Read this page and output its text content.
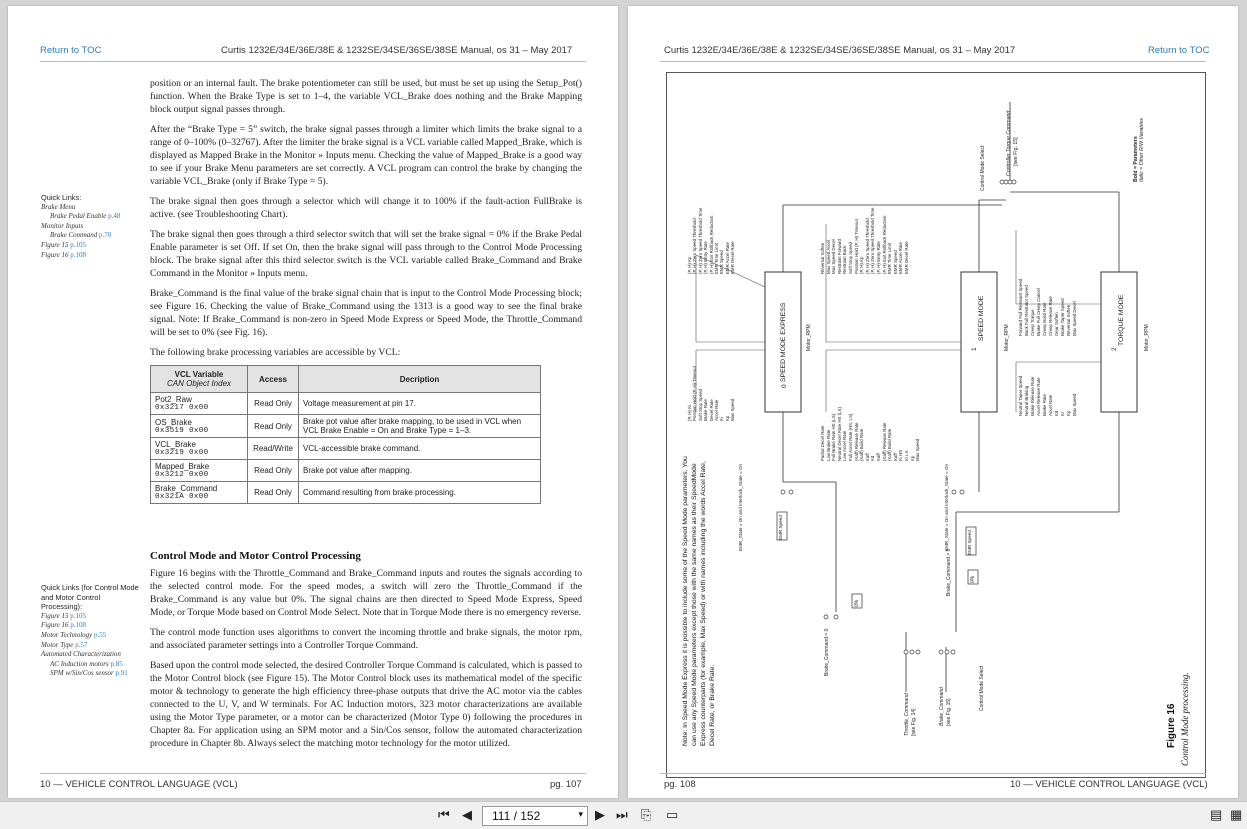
Return to TOC	Curtis 1232E/34E/36E/38E & 1232SE/34SE/36SE/38SE Manual, os 31 – May 2017

position or an internal fault. The brake potentiometer can still be used, but must be set up using the Setup_Pot() function. When the Brake Type is set to 1–4, the variable VCL_Brake does nothing and the Brake Mapping block output signal passes through.

After the “Brake Type = 5” switch, the brake signal passes through a limiter which limits the brake signal to a range of 0–100% (0–32767). After the limiter the brake signal is a VCL variable called Mapped_Brake, which is displayed as Mapped Brake in the Monitor » Inputs menu. Checking the value of Mapped_Brake is a good way to see if your Brake Menu parameters are set correctly. A VCL program can control the brake by changing the variable VCL_Brake (only if Brake Type = 5).

The brake signal then goes through a selector which will change it to 100% if the fault-action FullBrake is active. (see Troubleshooting Chart).

The brake signal then goes through a third selector switch that will set the brake signal = 0% if the Brake Pedal Enable parameter is set Off. If set On, then the brake signal will pass through to the Control Mode Processing block. The brake signal after this third selector switch is the VCL variable called Brake_Command and Brake Command in the Monitor » Inputs menu.

Brake_Command is the final value of the brake signal chain that is input to the Control Mode Processing block; see Figure 16. Checking the value of Brake_Command using the 1313 is a good way to see the final brake signal. Note: If Brake_Command is non-zero in Speed Mode Express or Speed Mode, the Throttle_Command will be set to 0% (see Fig. 16).

The following brake processing variables are accessible by VCL:

Quick Links:
Brake Menu
Brake Pedal Enable p.48
Monitor Inputs
Brake Command p.70
Figure 15 p.105
Figure 16 p.108
VCL Variable
CAN Object Index	Access	Decription

Pot2_Raw
0x3217 0x00	Read Only	Voltage measurement at pin 17.

OS_Brake
0x3519 0x00	Read Only	Brake pot value after brake mapping, to be used in VCL when VCL Brake Enable = On and Brake Type = 1–3.

VCL_Brake
0x3219 0x00	Read/Write	VCL-accessible brake command.

Mapped_Brake
0x3212 0x00	Read Only	Brake pot value after mapping.

Brake_Command
0x321A 0x00	Read Only	Command resulting from brake processing.
Control Mode and Motor Control Processing

Figure 16 begins with the Throttle_Command and Brake_Command inputs and routes the signals according to the selected control mode. For the speed modes, a switch will zero the Throttle_Command if the Brake_Command is any value but 0%. The signal chains are then directed to Speed Mode Express, Speed Mode, or Torque Mode based on Control Mode Select. Note that in Torque Mode there is no emergency reverse.

The control mode function uses algorithms to convert the incoming throttle and brake signals, the motor rpm, and associated parameter settings into a Controller Torque Command.

Based upon the control mode selected, the desired Controller Torque Command is calculated, which is passed to the Motor Control block (see Figure 15). The Motor Control block uses its mathematical model of the specific motor & technology to generate the high efficiency three-phase outputs that drive the AC motor via the cables connected to the U, V, and W terminals. For AC Induction motors, 323 motor characterizations are available using the Motor Type parameter, or a motor can be characterized (Motor Type 0) following the procedures in Chapter 8a. For application using an SPM motor and a Sin/Cos sensor, follow the automated characterization procedure in Chapter 8b. Always select the matching motor technology for the motor utilized.

Quick Links (for Control Mode and Motor Control Processing):
Figure 15 p.105
Figure 16 p.108
Motor Technology p.55
Motor Type p.57
Automated Characterization
AC Induction motors p.85
SPM w/Sin/Cos sensor p.91
10 — VEHICLE CONTROL LANGUAGE (VCL)	pg. 107
Curtis 1232E/34E/36E/38E & 1232SE/34SE/36SE/38SE Manual, os 31 – May 2017	Return to TOC
Note: In Speed Mode Express it is possible to include some of the Speed Mode parameters. You can use any Speed Mode parameters except those with the same names as their SpeedMode Express counterparts (for example, Max Speed) or with names including the words Accel Rate, Decel Rate, or Brake Rate.	Figure 16 Control Mode processing.
Bold = Parameters Italic = Other R/W Variables
Controller Torque Command [see Fig. 15]
Control Mode Select
Control Mode Select
0
SPEED MODE EXPRESS	Motor_RPM	1
SPEED MODE	Motor_RPM	2
TORQUE MODE	Motor_RPM
(P, H) Kp (P, H) Zero Speed Threshold (P, H) Zero Speed Threshold Time (P, H) Entry Rate (P, H) Exit Rollback Reduction EMR Time Limit EMR Speed EMR Accel Rate EMR Decel Rate
(P, H) Ki Position Hold (P, H) Timeout Soft Stop Speed Brake Rate Decel Rate Accel Rate Ki Kp Max Speed
Reversal Soften Max Speed Accel Max Speed Decel Restraint Forward Restraint Back Soft Stop Speed Position Hold (P, H) Timeout (P, H) Kp (P, H) Zero Speed Threshold (P, H) Zero Speed Threshold Time (P, H) Entry Rate (P, H) Exit Rollback Reduction EMR Time Limit EMR Speed EMR Accel Rate EMR Decel Rate
Partial Decel Rate Low Brake Rate Full Brake Rate HS (LS) Neutral Decel Rate HS (LS) Low Accel Rate Full Accel Rate (HS, LS) (Kaff) Release Rate (Kaff) Build Rate Kaff Kd Kaff (Kaff) Release Rate (Kaff) Build Rate Kaff Ki HS Ki LS Kp Max Speed
Forward Full Restraint Speed Back Full Restraint Speed Creep Torque Brake Full Creep Cancel Creep Build Rate Creep Release Rate Gear Soften Brake Taper Speed Reversal Soften Max Speed Decel
Neutral Taper Speed Neutral Braking Brake Release Rate Accel Release Rate Brake Rate Accel Rate Kd Ki Kp Max Speed
EMR_State = On and Interlock_State = On	EMR_State = On and Interlock_State = On
EMR Speed
EMR Speed
Brake_Command = 0
Brake_Command > 0
0%
0%
Throttle_Command [see Fig. 14]	Brake_Command [see Fig. 15]
pg. 108	10 — VEHICLE CONTROL LANGUAGE (VCL)
⏮ ◀ 111 / 152	▾ ▶ ⏭ ⎘ ▭	▤ ▦
